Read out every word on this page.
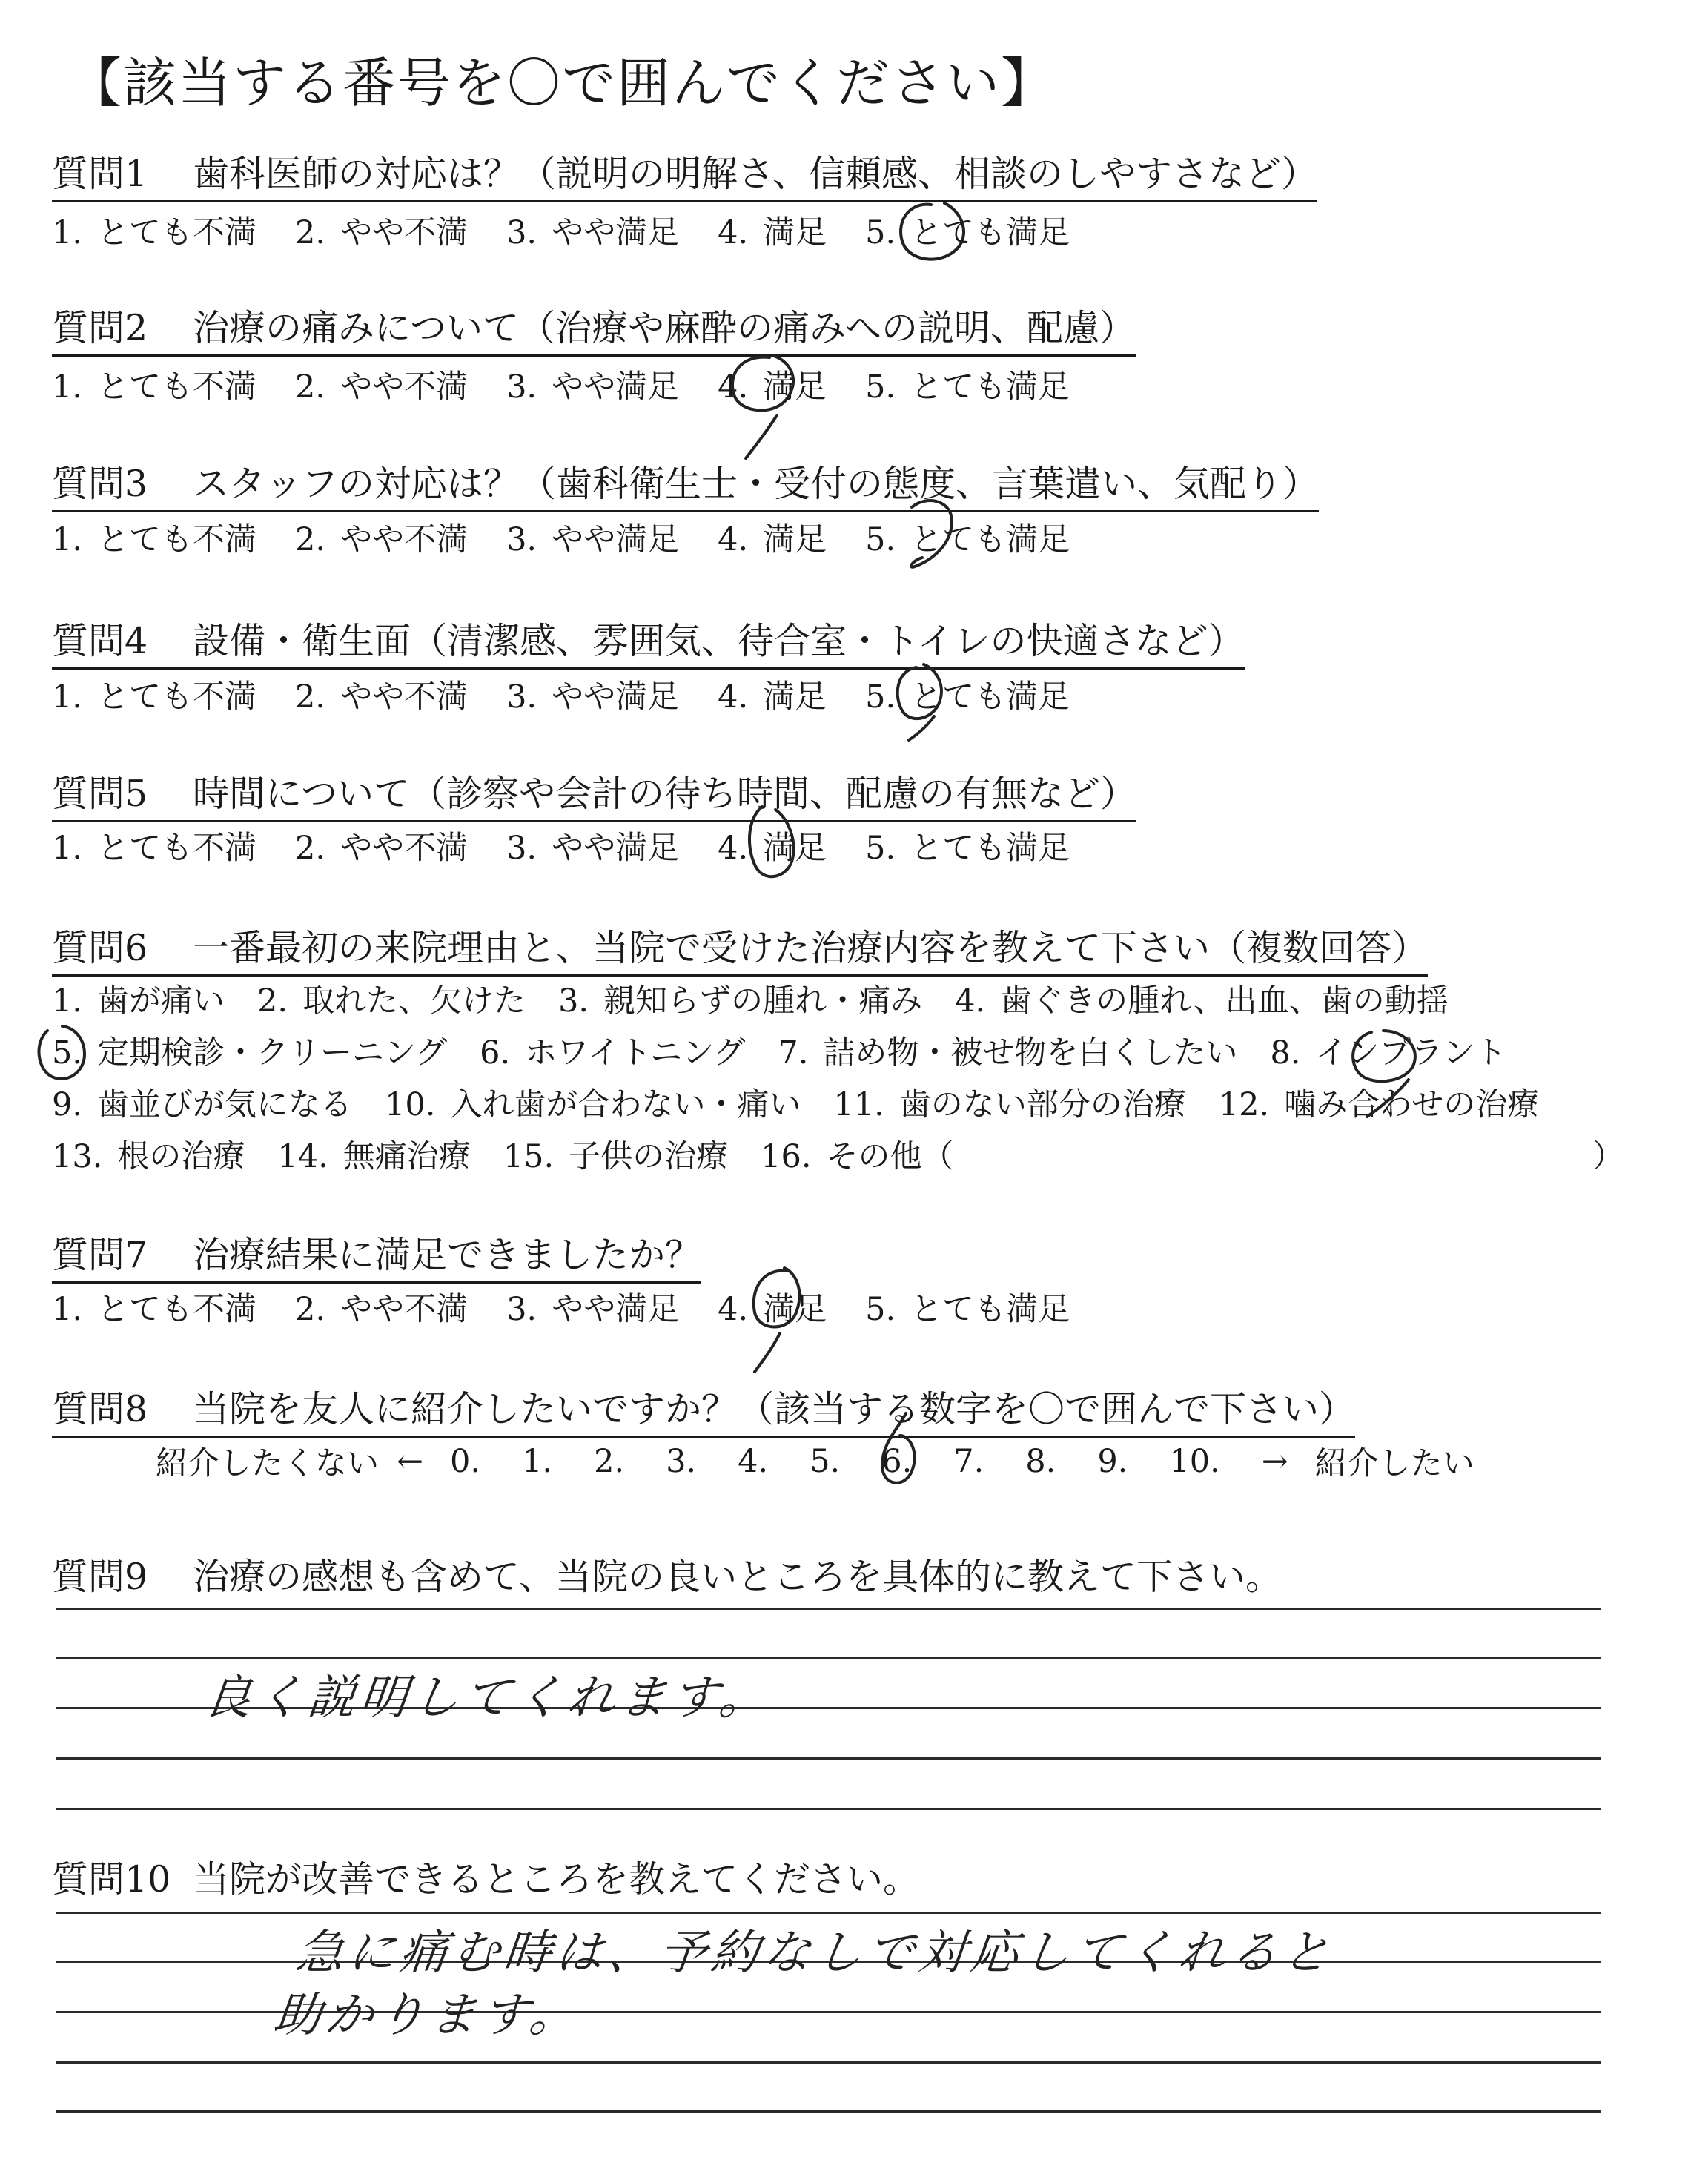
【該当する番号を〇で囲んでください】
質問1 歯科医師の対応は？（説明の明解さ、信頼感、相談のしやすさなど）
1. とても不満 2. やや不満 3. やや満足 4. 満足 5. とても満足
質問2 治療の痛みについて（治療や麻酔の痛みへの説明、配慮）
1. とても不満 2. やや不満 3. やや満足 4. 満足 5. とても満足
質問3 スタッフの対応は？（歯科衛生士・受付の態度、言葉遣い、気配り）
1. とても不満 2. やや不満 3. やや満足 4. 満足 5. とても満足
質問4 設備・衛生面（清潔感、雰囲気、待合室・トイレの快適さなど）
1. とても不満 2. やや不満 3. やや満足 4. 満足 5. とても満足
質問5 時間について（診察や会計の待ち時間、配慮の有無など）
1. とても不満 2. やや不満 3. やや満足 4. 満足 5. とても満足
質問6 一番最初の来院理由と、当院で受けた治療内容を教えて下さい（複数回答）
1. 歯が痛い 2. 取れた、欠けた 3. 親知らずの腫れ・痛み 4. 歯ぐきの腫れ、出血、歯の動揺
5. 定期検診・クリーニング 6. ホワイトニング 7. 詰め物・被せ物を白くしたい 8. インプラント
9. 歯並びが気になる 10. 入れ歯が合わない・痛い 11. 歯のない部分の治療 12. 噛み合わせの治療
13. 根の治療 14. 無痛治療 15. 子供の治療 16. その他（	）
質問7 治療結果に満足できましたか？
1. とても不満 2. やや不満 3. やや満足 4. 満足 5. とても満足
質問8 当院を友人に紹介したいですか？（該当する数字を〇で囲んで下さい）
紹介したくない ← 0. 1. 2. 3. 4. 5. 6. 7. 8. 9. 10. → 紹介したい
質問9 治療の感想も含めて、当院の良いところを具体的に教えて下さい。
良く説明してくれます。
質問10 当院が改善できるところを教えてください。
急に痛む時は、予約なしで対応してくれると
助かります。
